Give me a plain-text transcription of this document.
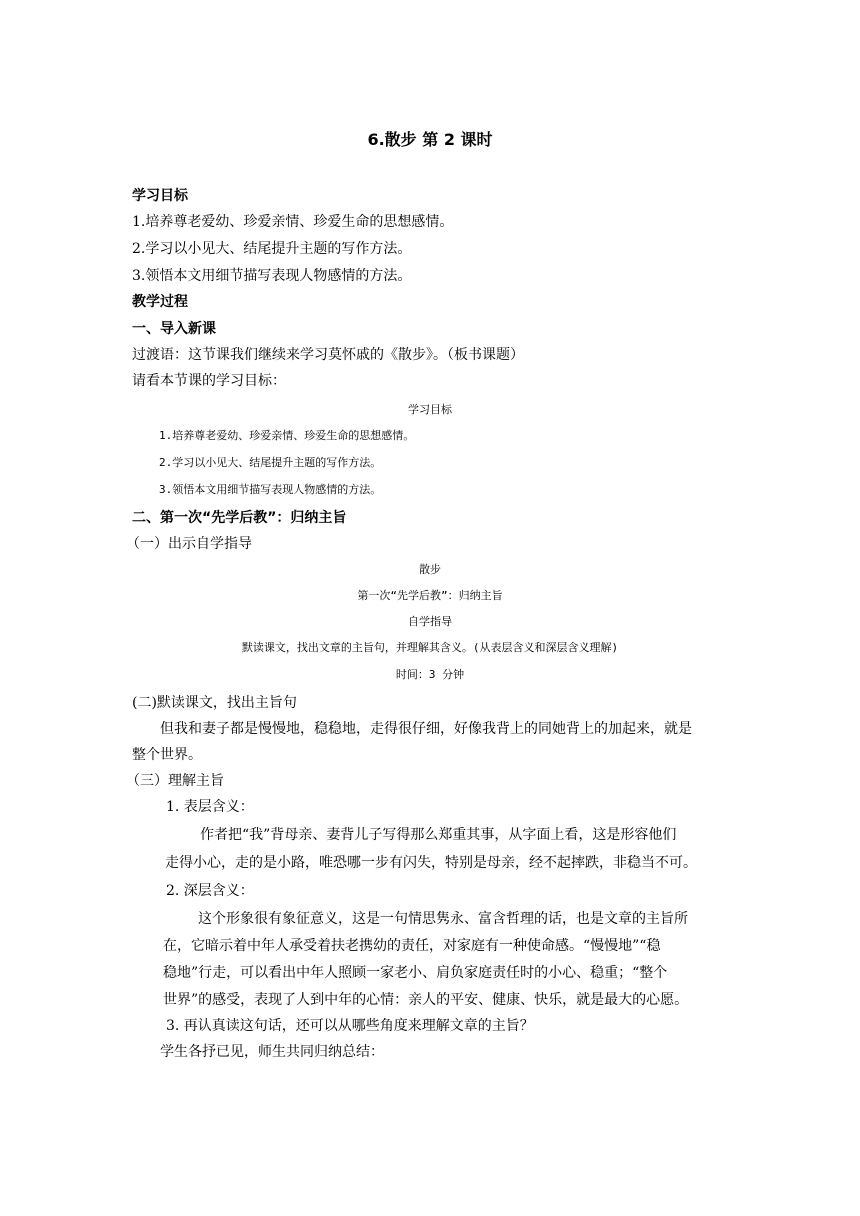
6.散步 第 2 课时
学习目标
1.培养尊老爱幼、珍爱亲情、珍爱生命的思想感情。
2.学习以小见大、结尾提升主题的写作方法。
3.领悟本文用细节描写表现人物感情的方法。
教学过程
一、导入新课
过渡语：这节课我们继续来学习莫怀戚的《散步》。（板书课题）
请看本节课的学习目标：
学习目标
1.培养尊老爱幼、珍爱亲情、珍爱生命的思想感情。
2.学习以小见大、结尾提升主题的写作方法。
3.领悟本文用细节描写表现人物感情的方法。
二、第一次“先学后教”：归纳主旨
（一）出示自学指导
散步
第一次“先学后教”：归纳主旨
自学指导
默读课文，找出文章的主旨句，并理解其含义。(从表层含义和深层含义理解)
时间：3 分钟
(二)默读课文，找出主旨句
但我和妻子都是慢慢地，稳稳地，走得很仔细，好像我背上的同她背上的加起来，就是
整个世界。
（三）理解主旨
1. 表层含义：
作者把“我”背母亲、妻背儿子写得那么郑重其事，从字面上看，这是形容他们
走得小心，走的是小路，唯恐哪一步有闪失，特别是母亲，经不起摔跌，非稳当不可。
2. 深层含义：
这个形象很有象征意义，这是一句情思隽永、富含哲理的话，也是文章的主旨所
在，它暗示着中年人承受着扶老携幼的责任，对家庭有一种使命感。“慢慢地”“稳
稳地”行走，可以看出中年人照顾一家老小、肩负家庭责任时的小心、稳重；“整个
世界”的感受，表现了人到中年的心情：亲人的平安、健康、快乐，就是最大的心愿。
3. 再认真读这句话，还可以从哪些角度来理解文章的主旨？
学生各抒已见，师生共同归纳总结：
